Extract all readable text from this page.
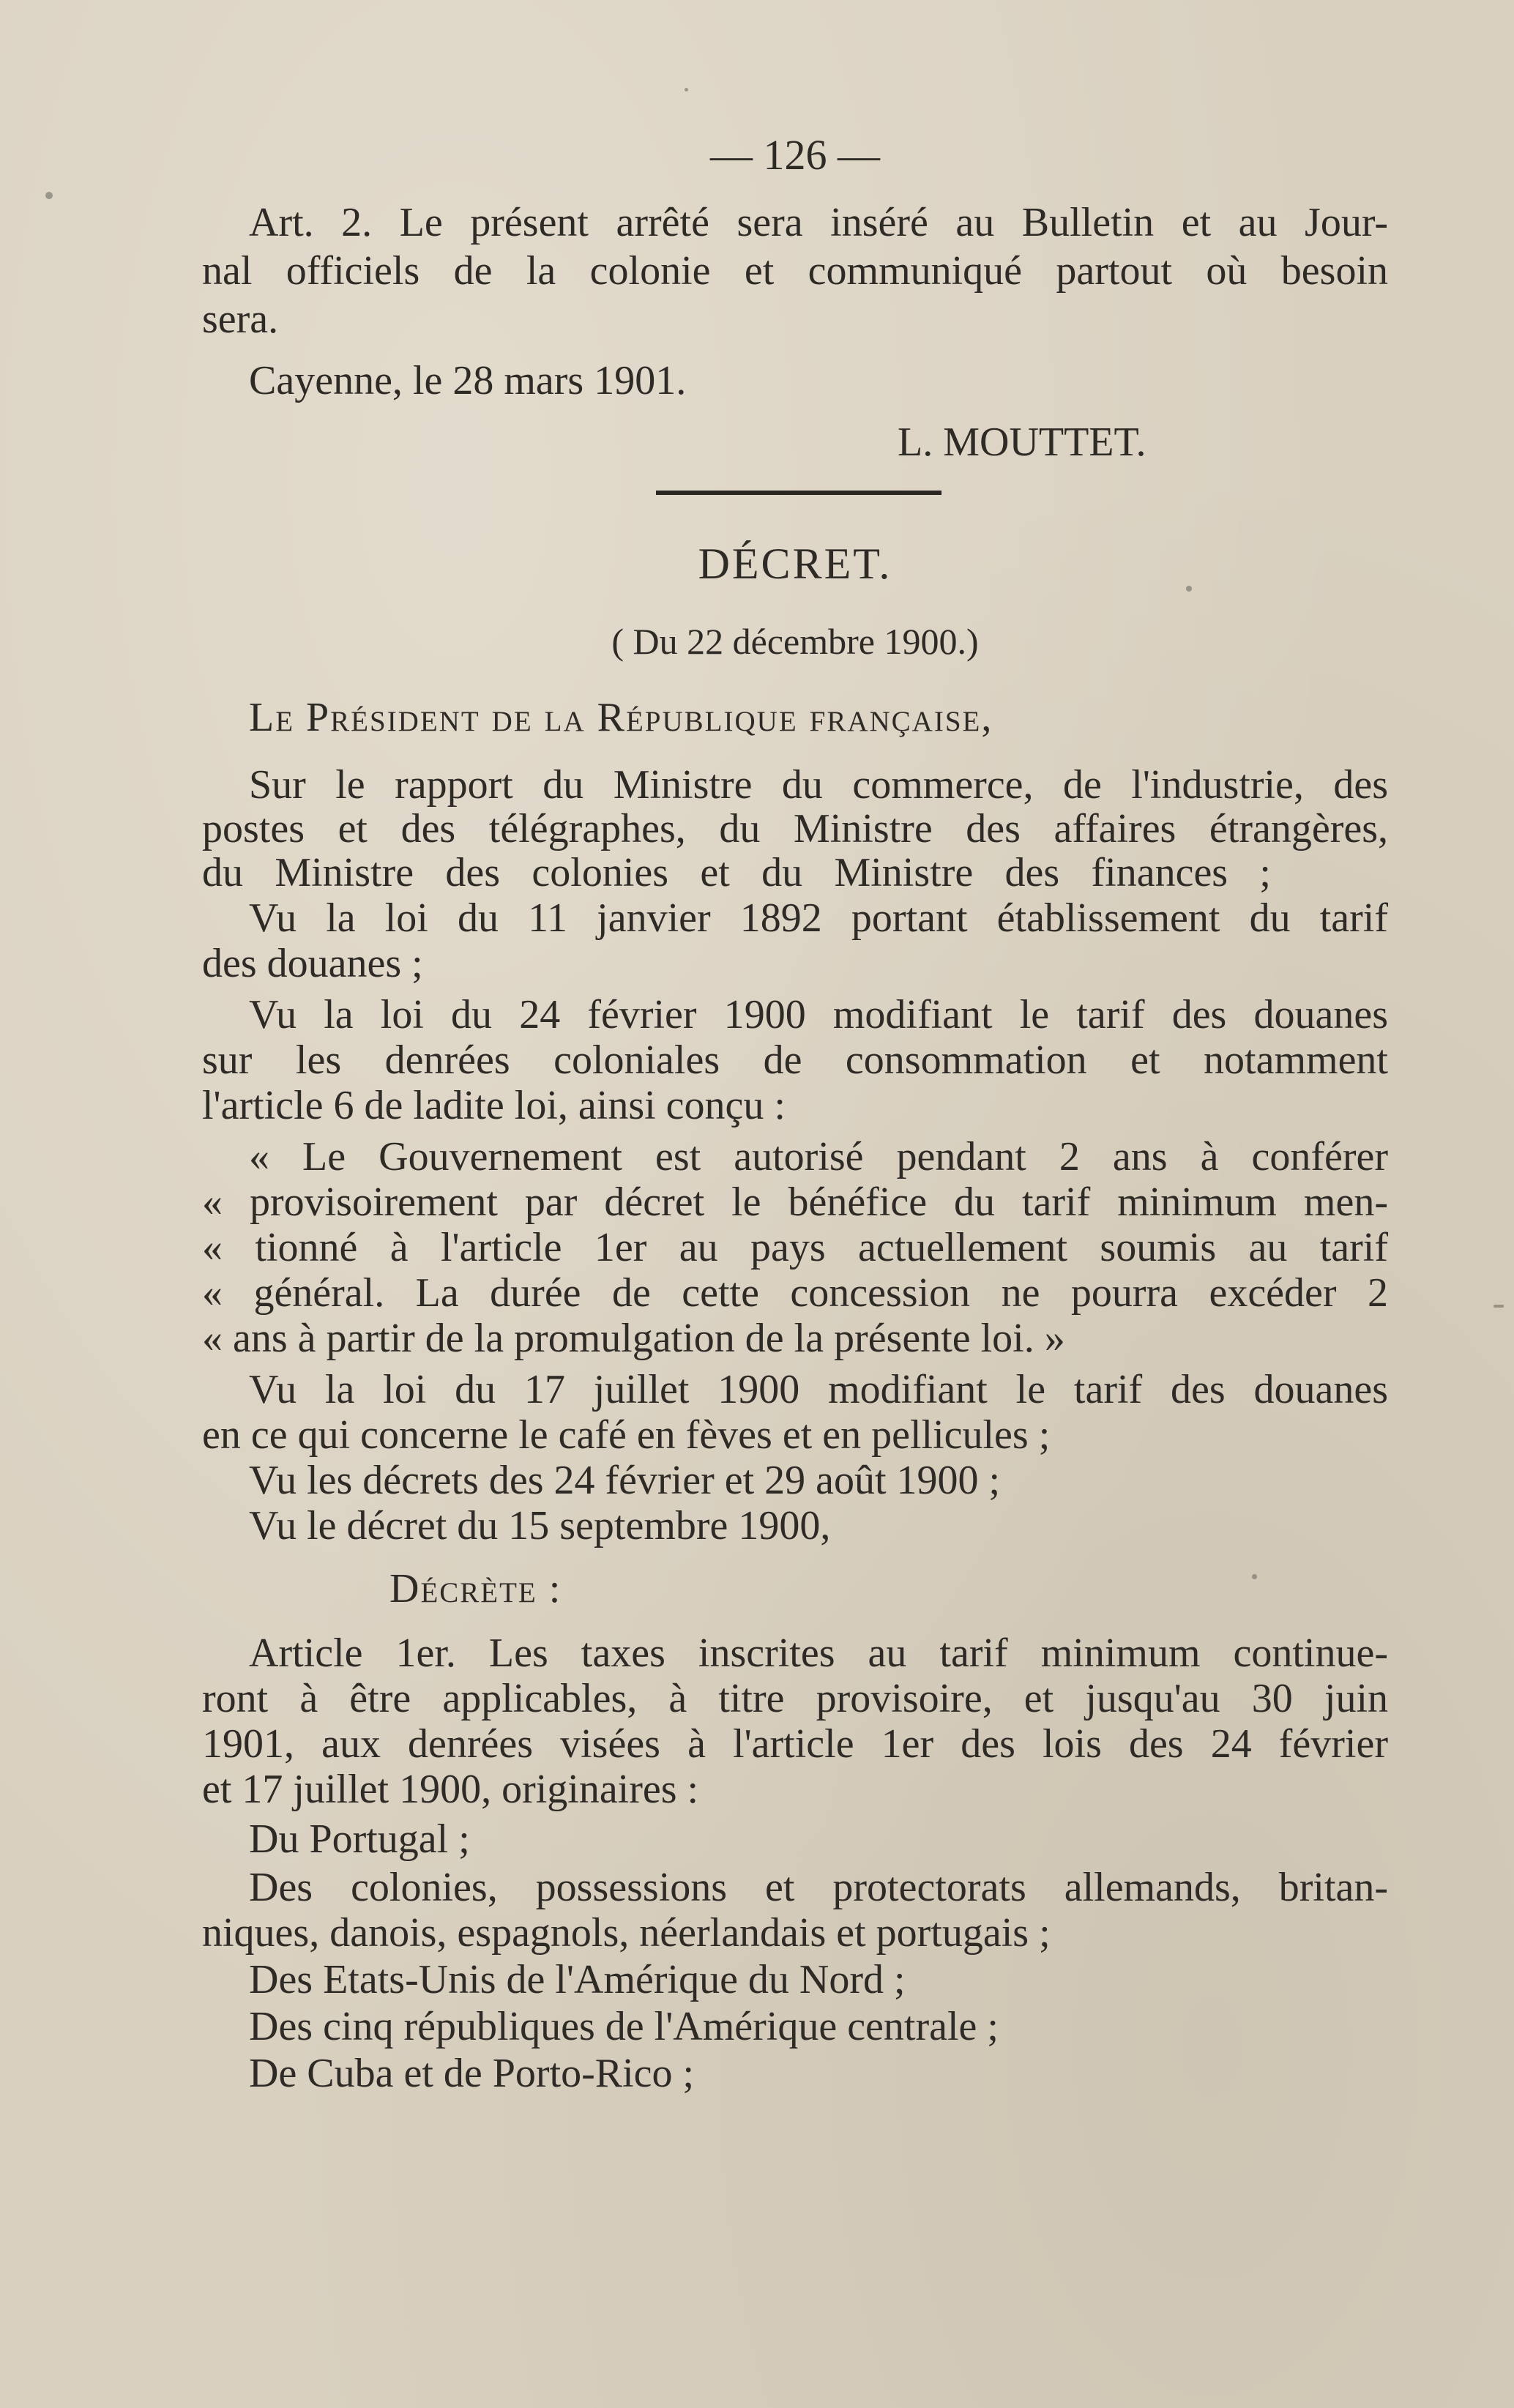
— 126 —
Art. 2. Le présent arrêté sera inséré au Bulletin et au Jour-
nal officiels de la colonie et communiqué partout où besoin
sera.
Cayenne, le 28 mars 1901.
L. MOUTTET.
DÉCRET.
( Du 22 décembre 1900.)
Le Président de la République française,
Sur le rapport du Ministre du commerce, de l'industrie, des
postes et des télégraphes, du Ministre des affaires étrangères,
du Ministre des colonies et du Ministre des finances ;
Vu la loi du 11 janvier 1892 portant établissement du tarif
des douanes ;
Vu la loi du 24 février 1900 modifiant le tarif des douanes
sur les denrées coloniales de consommation et notamment
l'article 6 de ladite loi, ainsi conçu :
« Le Gouvernement est autorisé pendant 2 ans à conférer
« provisoirement par décret le bénéfice du tarif minimum men-
« tionné à l'article 1er au pays actuellement soumis au tarif
« général. La durée de cette concession ne pourra excéder 2
« ans à partir de la promulgation de la présente loi. »
Vu la loi du 17 juillet 1900 modifiant le tarif des douanes
en ce qui concerne le café en fèves et en pellicules ;
Vu les décrets des 24 février et 29 août 1900 ;
Vu le décret du 15 septembre 1900,
Décrète :
Article 1er. Les taxes inscrites au tarif minimum continue-
ront à être applicables, à titre provisoire, et jusqu'au 30 juin
1901, aux denrées visées à l'article 1er des lois des 24 février
et 17 juillet 1900, originaires :
Du Portugal ;
Des colonies, possessions et protectorats allemands, britan-
niques, danois, espagnols, néerlandais et portugais ;
Des Etats-Unis de l'Amérique du Nord ;
Des cinq républiques de l'Amérique centrale ;
De Cuba et de Porto-Rico ;
